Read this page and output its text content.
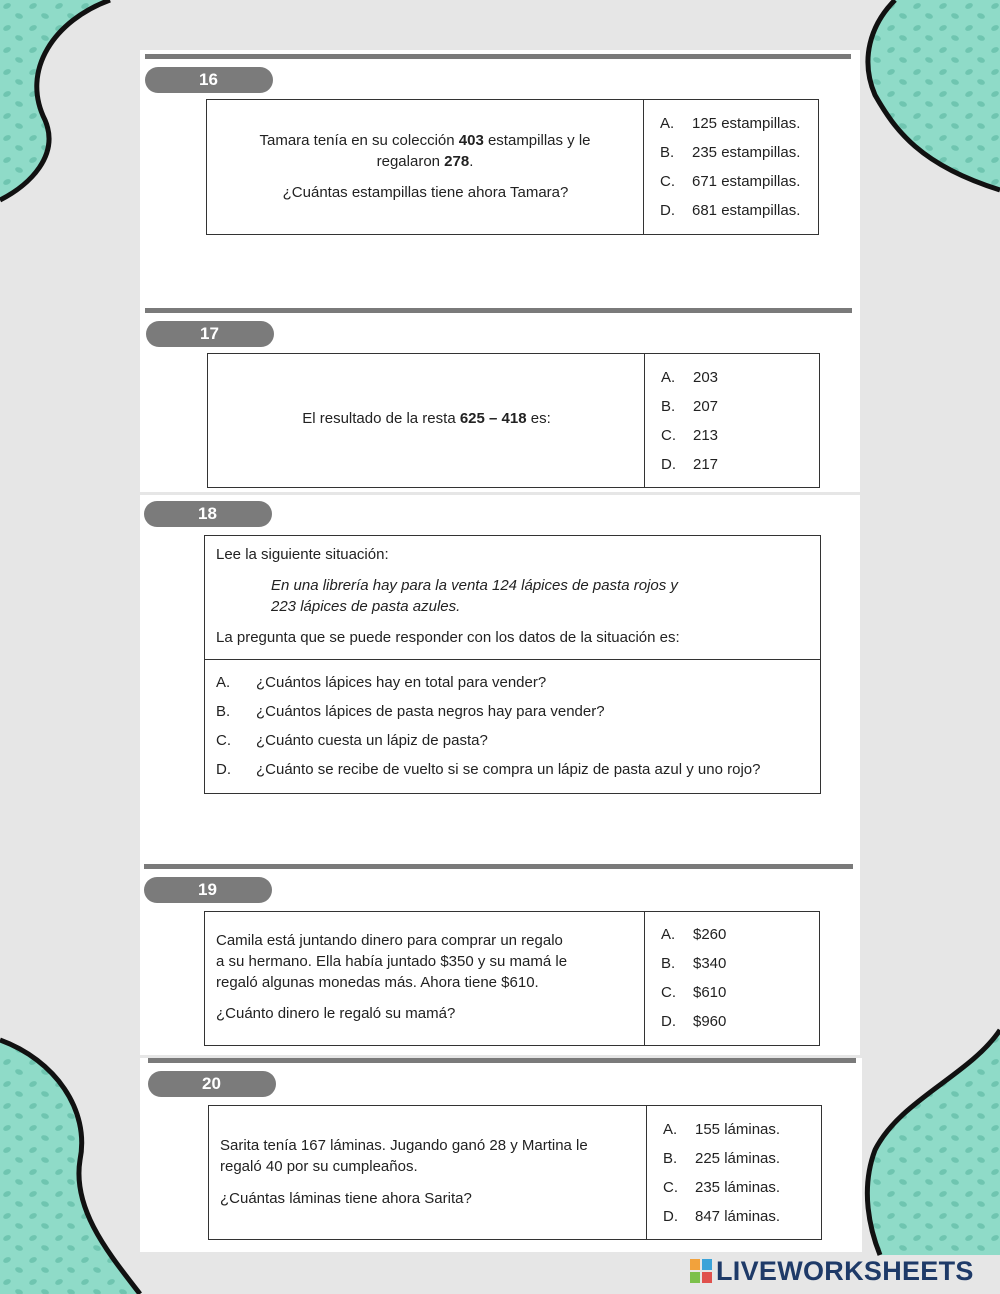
16
Tamara tenía en su colección 403 estampillas y le regalaron 278.
¿Cuántas estampillas tiene ahora Tamara?
A. 125 estampillas.
B. 235 estampillas.
C. 671 estampillas.
D. 681 estampillas.
17
El resultado de la resta 625 – 418 es:
A. 203
B. 207
C. 213
D. 217
18
Lee la siguiente situación:
En una librería hay para la venta 124 lápices de pasta rojos y
223 lápices de pasta azules.
La pregunta que se puede responder con los datos de la situación es:
A. ¿Cuántos lápices hay en total para vender?
B. ¿Cuántos lápices de pasta negros hay para vender?
C. ¿Cuánto cuesta un lápiz de pasta?
D. ¿Cuánto se recibe de vuelto si se compra un lápiz de pasta azul y uno rojo?
19
Camila está juntando dinero para comprar un regalo
a su hermano. Ella había juntado $350 y su mamá le
regaló algunas monedas más. Ahora tiene $610.
¿Cuánto dinero le regaló su mamá?
A. $260
B. $340
C. $610
D. $960
20
Sarita tenía 167 láminas. Jugando ganó 28 y Martina le
regaló 40 por su cumpleaños.
¿Cuántas láminas tiene ahora Sarita?
A. 155 láminas.
B. 225 láminas.
C. 235 láminas.
D. 847 láminas.
LIVEWORKSHEETS
